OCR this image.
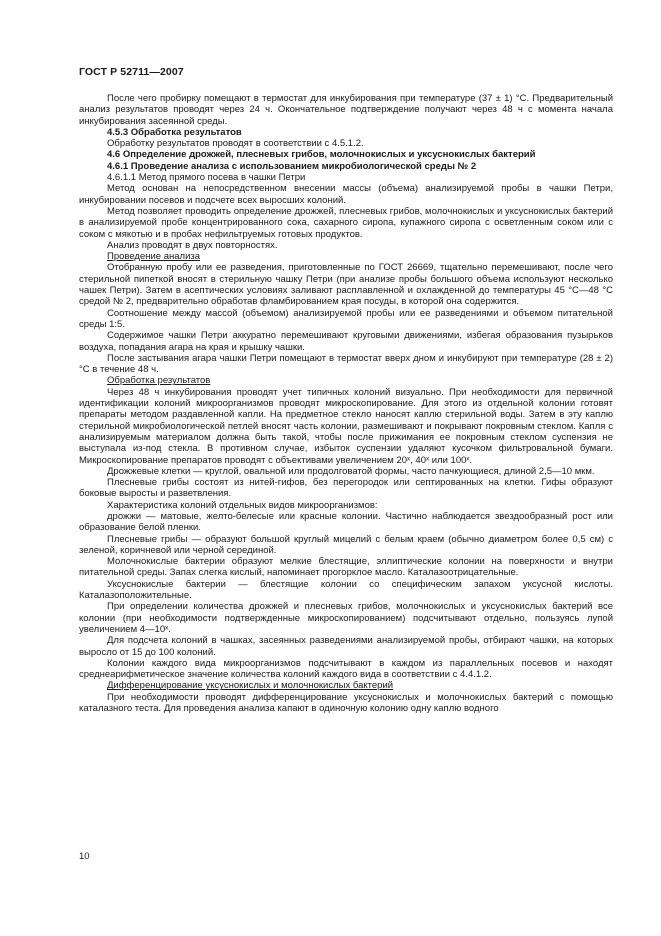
ГОСТ Р 52711—2007

После чего пробирку помещают в термостат для инкубирования при температуре (37 ± 1) °С. Предварительный анализ результатов проводят через 24 ч. Окончательное подтверждение получают через 48 ч с момента начала инкубирования засеянной среды.

4.5.3 Обработка результатов

Обработку результатов проводят в соответствии с 4.5.1.2.

4.6 Определение дрожжей, плесневых грибов, молочнокислых и уксуснокислых бактерий

4.6.1 Проведение анализа с использованием микробиологической среды № 2

4.6.1.1 Метод прямого посева в чашки Петри

Метод основан на непосредственном внесении массы (объема) анализируемой пробы в чашки Петри, инкубировании посевов и подсчете всех выросших колоний.

Метод позволяет проводить определение дрожжей, плесневых грибов, молочнокислых и уксуснокислых бактерий в анализируемой пробе концентрированного сока, сахарного сиропа, купажного сиропа с осветленным соком или с соком с мякотью и в пробах нефильтруемых готовых продуктов.

Анализ проводят в двух повторностях.

Проведение анализа

Отобранную пробу или ее разведения, приготовленные по ГОСТ 26669, тщательно перемешивают, после чего стерильной пипеткой вносят в стерильную чашку Петри (при анализе пробы большого объема используют несколько чашек Петри). Затем в асептических условиях заливают расплавленной и охлажденной до температуры 45 °С—48 °С средой № 2, предварительно обработав фламбированием края посуды, в которой она содержится.

Соотношение между массой (объемом) анализируемой пробы или ее разведениями и объемом питательной среды 1:5.

Содержимое чашки Петри аккуратно перемешивают круговыми движениями, избегая образования пузырьков воздуха, попадания агара на края и крышку чашки.

После застывания агара чашки Петри помещают в термостат вверх дном и инкубируют при температуре (28 ± 2) °С в течение 48 ч.

Обработка результатов

Через 48 ч инкубирования проводят учет типичных колоний визуально. При необходимости для первичной идентификации колоний микроорганизмов проводят микроскопирование. Для этого из отдельной колонии готовят препараты методом раздавленной капли. На предметное стекло наносят каплю стерильной воды. Затем в эту каплю стерильной микробиологической петлей вносят часть колонии, размешивают и покрывают покровным стеклом. Капля с анализируемым материалом должна быть такой, чтобы после прижимания ее покровным стеклом суспензия не выступала из-под стекла. В противном случае, избыток суспензии удаляют кусочком фильтровальной бумаги. Микроскопирование препаратов проводят с объективами увеличением 20ˣ, 40ˣ или 100ˣ.

Дрожжевые клетки — круглой, овальной или продолговатой формы, часто пачкующиеся, длиной 2,5—10 мкм.

Плесневые грибы состоят из нитей-гифов, без перегородок или септированных на клетки. Гифы образуют боковые выросты и разветвления.

Характеристика колоний отдельных видов микроорганизмов:

дрожжи — матовые, желто-белесые или красные колонии. Частично наблюдается звездообразный рост или образование белой пленки.

Плесневые грибы — образуют большой круглый мицелий с белым краем (обычно диаметром более 0,5 см) с зеленой, коричневой или черной серединой.

Молочнокислые бактерии образуют мелкие блестящие, эллиптические колонии на поверхности и внутри питательной среды. Запах слегка кислый, напоминает прогорклое масло. Каталазоотрицательные.

Уксуснокислые бактерии — блестящие колонии со специфическим запахом уксусной кислоты. Каталазоположительные.

При определении количества дрожжей и плесневых грибов, молочнокислых и уксуснокислых бактерий все колонии (при необходимости подтвержденные микроскопированием) подсчитывают отдельно, пользуясь лупой увеличением 4—10ˣ.

Для подсчета колоний в чашках, засеянных разведениями анализируемой пробы, отбирают чашки, на которых выросло от 15 до 100 колоний.

Колонии каждого вида микроорганизмов подсчитывают в каждом из параллельных посевов и находят среднеарифметическое значение количества колоний каждого вида в соответствии с 4.4.1.2.

Дифференцирование уксуснокислых и молочнокислых бактерий

При необходимости проводят дифференцирование уксуснокислых и молочнокислых бактерий с помощью каталазного теста. Для проведения анализа капают в одиночную колонию одну каплю водного

10
